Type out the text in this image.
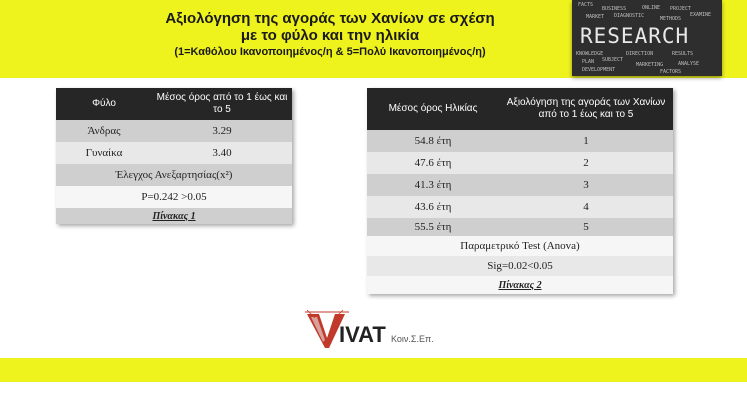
Αξιολόγηση της αγοράς των Χανίων σε σχέση
με το φύλο και την ηλικία
(1=Καθόλου Ικανοποιημένος/η & 5=Πολύ Ικανοποιημένος/η)
FACTS
BUSINESS	ONLINE PROJECT
EXAMINE
MARKET DIAGNOSTIC	METHODS
RESEARCH
KNOWLEDGE	DIRECTION	RESULTS
PLAN SUBJECT
MARKETING	ANALYSE
DEVELOPMENT	FACTORS
Φύλο	Μέσος όρος από το 1 έως και το 5
Άνδρας	3.29
Γυναίκα	3.40
Έλεγχος Ανεξαρτησίας(x²)	
P=0.242 >0.05	
Πίνακας 1	
Μέσος όρος Ηλικίας	Αξιολόγηση της αγοράς των Χανίων από το 1 έως και το 5
54.8 έτη	1
47.6 έτη	2
41.3 έτη	3
43.6 έτη	4
55.5 έτη	5
Παραμετρικό Test (Anova)	
Sig=0.02<0.05	
Πίνακας 2	
IVAT Κοιν.Σ.Επ.
